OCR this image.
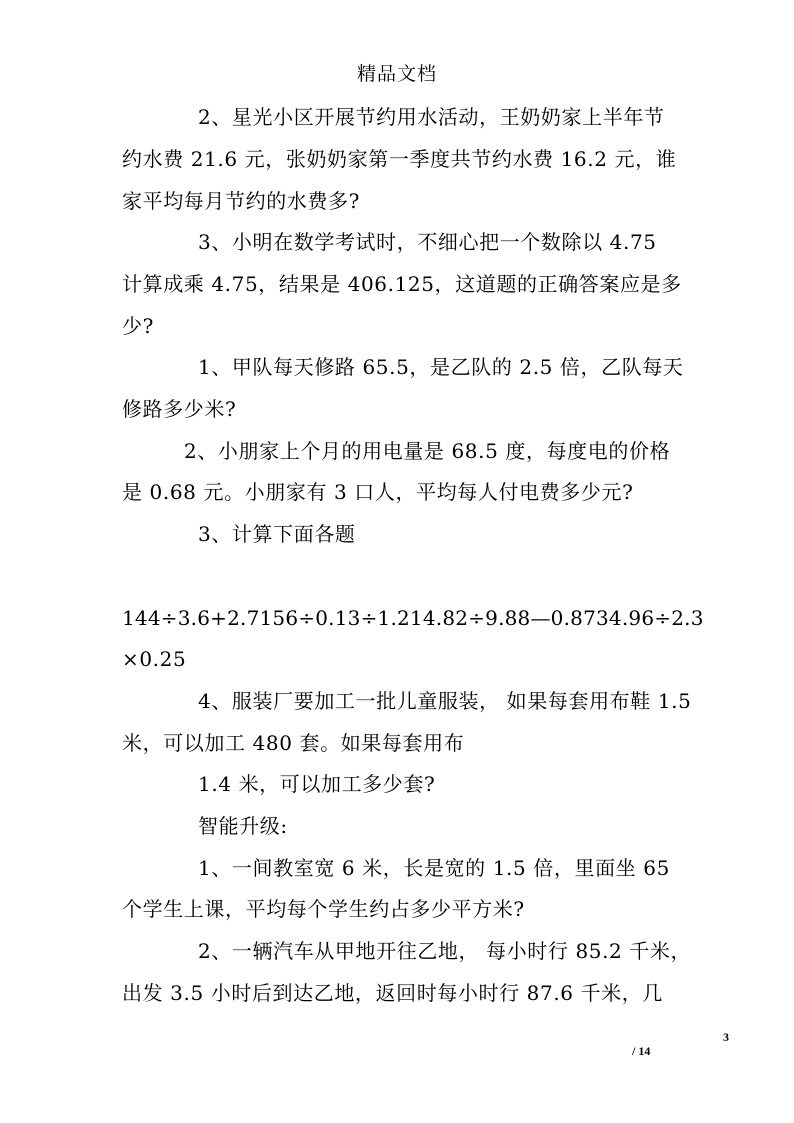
精品文档
2、星光小区开展节约用水活动，王奶奶家上半年节
约水费 21.6 元，张奶奶家第一季度共节约水费 16.2 元，谁
家平均每月节约的水费多?
3、小明在数学考试时，不细心把一个数除以 4.75
计算成乘 4.75，结果是 406.125，这道题的正确答案应是多
少?
1、甲队每天修路 65.5，是乙队的 2.5 倍，乙队每天
修路多少米?
2、小朋家上个月的用电量是 68.5 度，每度电的价格
是 0.68 元。小朋家有 3 口人，平均每人付电费多少元?
3、计算下面各题
144÷3.6+2.7156÷0.13÷1.214.82÷9.88—0.8734.96÷2.3
×0.25
4、服装厂要加工一批儿童服装， 如果每套用布鞋 1.5
米，可以加工 480 套。如果每套用布
1.4 米，可以加工多少套?
智能升级:
1、一间教室宽 6 米，长是宽的 1.5 倍，里面坐 65
个学生上课，平均每个学生约占多少平方米?
2、一辆汽车从甲地开往乙地， 每小时行 85.2 千米，
出发 3.5 小时后到达乙地，返回时每小时行 87.6 千米，几
3
/ 14
